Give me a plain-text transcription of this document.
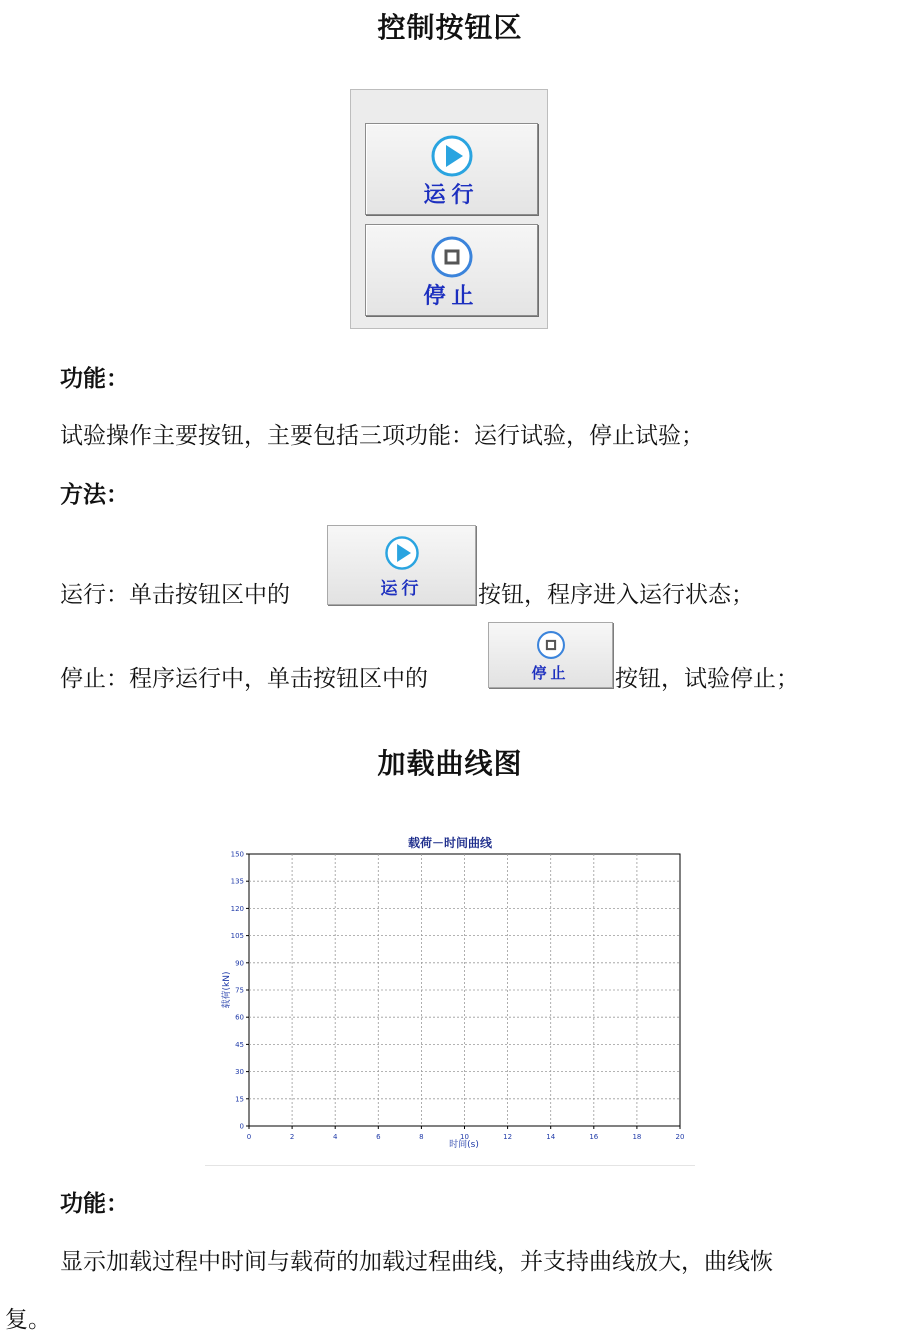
控制按钮区
运行
停止
功能：
试验操作主要按钮，主要包括三项功能：运行试验，停止试验；
方法：
运行：单击按钮区中的	运行	按钮，程序进入运行状态；
停止：程序运行中，单击按钮区中的	停止	按钮，试验停止；
加载曲线图
载荷－时间曲线
0	2	4	6	8	10	12	14	16	18	20
0
15
30
45
60
75
90
105
120
135
150
时间(s)
载荷(kN)
功能：
显示加载过程中时间与载荷的加载过程曲线，并支持曲线放大，曲线恢
复。
